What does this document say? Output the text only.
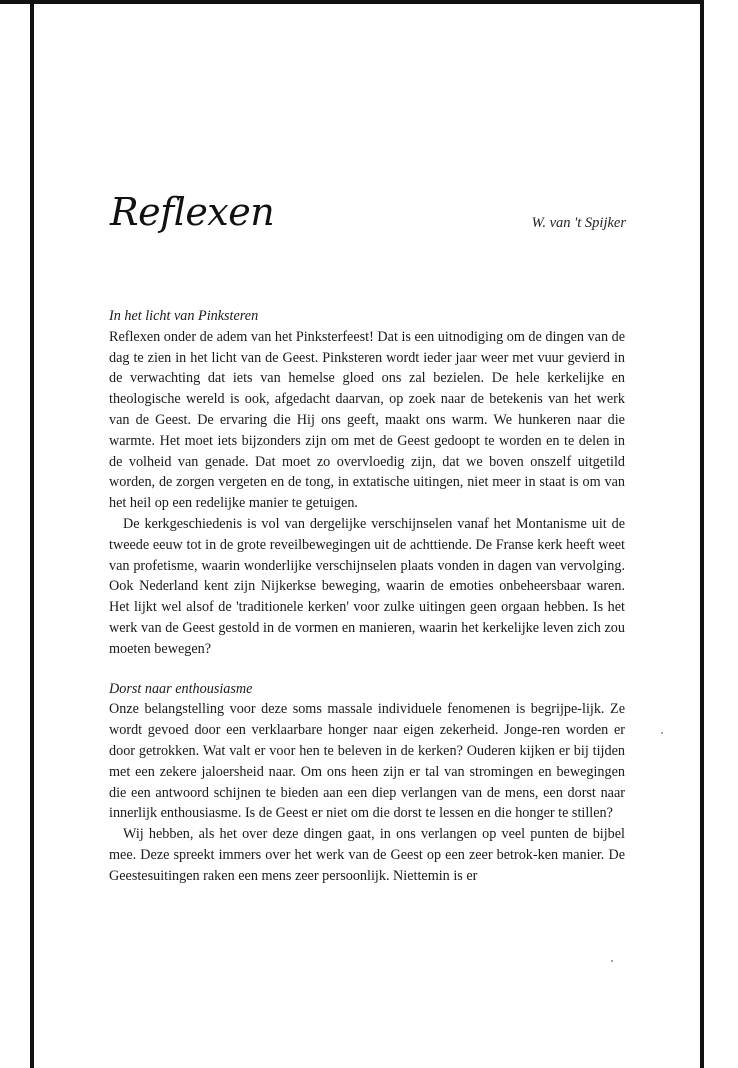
Reflexen	W. van 't Spijker

In het licht van Pinksteren

Reflexen onder de adem van het Pinksterfeest! Dat is een uitnodiging om de dingen van de dag te zien in het licht van de Geest. Pinksteren wordt ieder jaar weer met vuur gevierd in de verwachting dat iets van hemelse gloed ons zal bezielen. De hele kerkelijke en theologische wereld is ook, afgedacht daarvan, op zoek naar de betekenis van het werk van de Geest. De ervaring die Hij ons geeft, maakt ons warm. We hunkeren naar die warmte. Het moet iets bijzonders zijn om met de Geest gedoopt te worden en te delen in de volheid van genade. Dat moet zo overvloedig zijn, dat we boven onszelf uitgetild worden, de zorgen vergeten en de tong, in extatische uitingen, niet meer in staat is om van het heil op een redelijke manier te getuigen.

De kerkgeschiedenis is vol van dergelijke verschijnselen vanaf het Montanisme uit de tweede eeuw tot in de grote reveilbewegingen uit de achttiende. De Franse kerk heeft weet van profetisme, waarin wonderlijke verschijnselen plaats vonden in dagen van vervolging. Ook Nederland kent zijn Nijkerkse beweging, waarin de emoties onbeheersbaar waren. Het lijkt wel alsof de 'traditionele kerken' voor zulke uitingen geen orgaan hebben. Is het werk van de Geest gestold in de vormen en manieren, waarin het kerkelijke leven zich zou moeten bewegen?

Dorst naar enthousiasme

Onze belangstelling voor deze soms massale individuele fenomenen is begrijpe-lijk. Ze wordt gevoed door een verklaarbare honger naar eigen zekerheid. Jonge-ren worden er door getrokken. Wat valt er voor hen te beleven in de kerken? Ouderen kijken er bij tijden met een zekere jaloersheid naar. Om ons heen zijn er tal van stromingen en bewegingen die een antwoord schijnen te bieden aan een diep verlangen van de mens, een dorst naar innerlijk enthousiasme. Is de Geest er niet om die dorst te lessen en die honger te stillen?

Wij hebben, als het over deze dingen gaat, in ons verlangen op veel punten de bijbel mee. Deze spreekt immers over het werk van de Geest op een zeer betrok-ken manier. De Geestesuitingen raken een mens zeer persoonlijk. Niettemin is er
